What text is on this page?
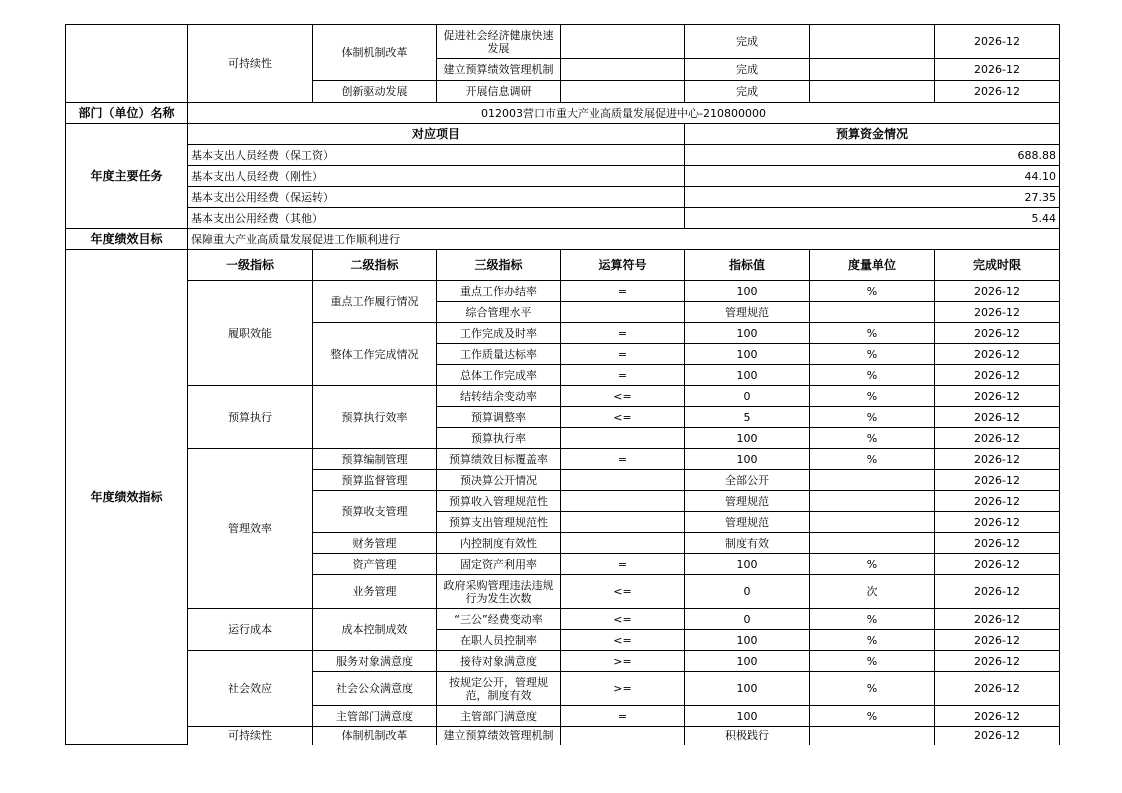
	可持续性	体制机制改革	促进社会经济健康快速发展		完成		2026-12
			建立预算绩效管理机制		完成		2026-12
		创新驱动发展	开展信息调研		完成		2026-12
部门（单位）名称	012003营口市重大产业高质量发展促进中心-210800000						
年度主要任务	对应项目				预算资金情况		
	基本支出人员经费（保工资）				688.88		
	基本支出人员经费（刚性）				44.10		
	基本支出公用经费（保运转）				27.35		
	基本支出公用经费（其他）				5.44		
年度绩效目标	保障重大产业高质量发展促进工作顺利进行						
年度绩效指标	一级指标	二级指标	三级指标	运算符号	指标值	度量单位	完成时限
	履职效能	重点工作履行情况	重点工作办结率	=	100	%	2026-12
			综合管理水平		管理规范		2026-12
		整体工作完成情况	工作完成及时率	=	100	%	2026-12
			工作质量达标率	=	100	%	2026-12
			总体工作完成率	=	100	%	2026-12
	预算执行	预算执行效率	结转结余变动率	<=	0	%	2026-12
			预算调整率	<=	5	%	2026-12
			预算执行率		100	%	2026-12
	管理效率	预算编制管理	预算绩效目标覆盖率	=	100	%	2026-12
		预算监督管理	预决算公开情况		全部公开		2026-12
		预算收支管理	预算收入管理规范性		管理规范		2026-12
			预算支出管理规范性		管理规范		2026-12
		财务管理	内控制度有效性		制度有效		2026-12
		资产管理	固定资产利用率	=	100	%	2026-12
		业务管理	政府采购管理违法违规行为发生次数	<=	0	次	2026-12
	运行成本	成本控制成效	“三公”经费变动率	<=	0	%	2026-12
			在职人员控制率	<=	100	%	2026-12
	社会效应	服务对象满意度	接待对象满意度	>=	100	%	2026-12
		社会公众满意度	按规定公开，管理规范，制度有效	>=	100	%	2026-12
		主管部门满意度	主管部门满意度	=	100	%	2026-12
	可持续性	体制机制改革	建立预算绩效管理机制		积极践行		2026-12
